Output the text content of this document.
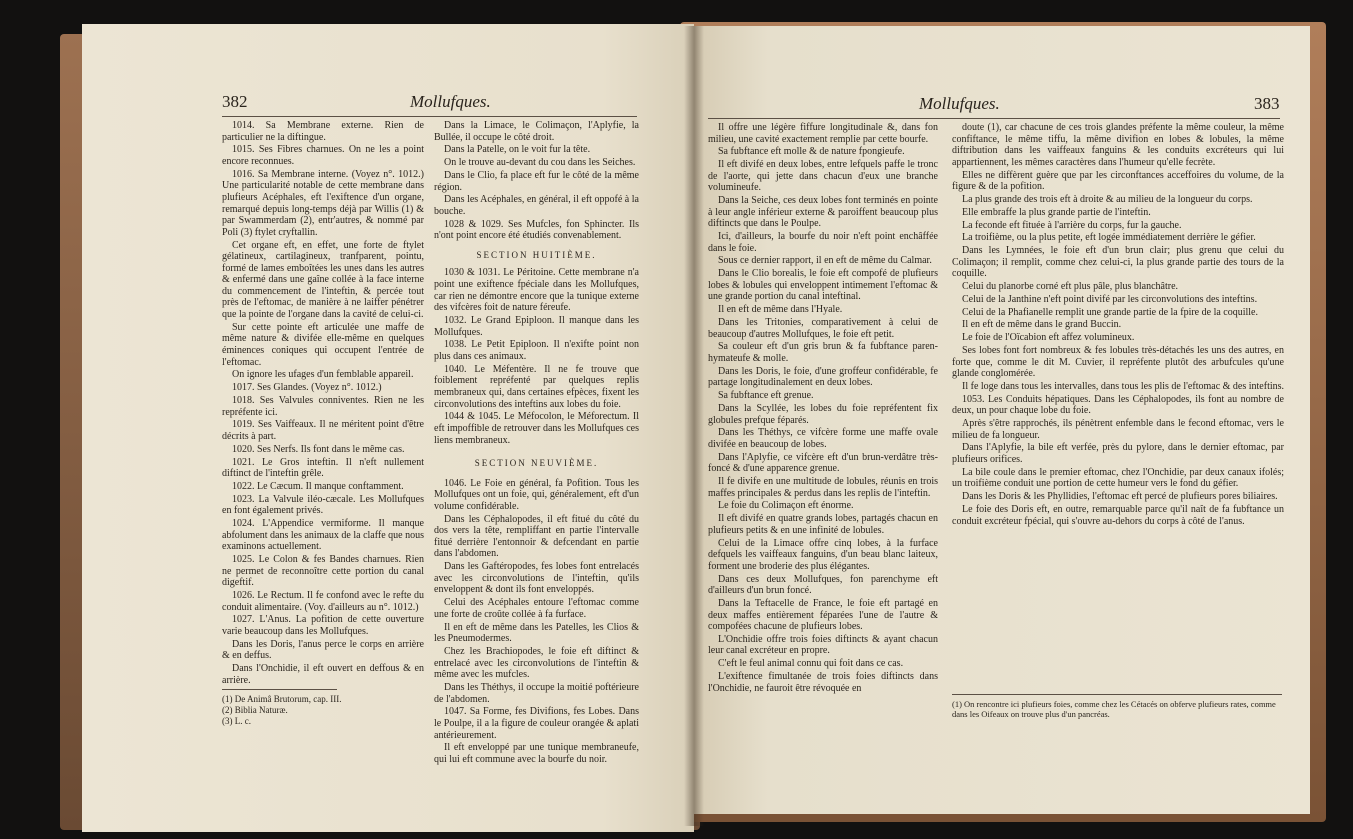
382	Mollufques.

1014. Sa Membrane externe. Rien de particulier ne la diftingue.

1015. Ses Fibres charnues. On ne les a point encore reconnues.

1016. Sa Membrane interne. (Voyez n°. 1012.) Une particularité notable de cette membrane dans plufieurs Acéphales, eft l'exiftence d'un organe, remarqué depuis long-temps déjà par Willis (1) & par Swammerdam (2), entr'autres, & nommé par Poli (3) ftylet cryftallin.

Cet organe eft, en effet, une forte de ftylet gélatineux, cartilagineux, tranfparent, pointu, formé de lames emboîtées les unes dans les autres & enfermé dans une gaîne collée à la face interne du commencement de l'inteftin, & percée tout près de l'eftomac, de manière à ne laiffer pénétrer que la pointe de l'organe dans la cavité de celui-ci.

Sur cette pointe eft articulée une maffe de même nature & divifée elle-même en quelques éminences coniques qui occupent l'entrée de l'eftomac.

On ignore les ufages d'un femblable appareil.

1017. Ses Glandes. (Voyez n°. 1012.)

1018. Ses Valvules conniventes. Rien ne les repréfente ici.

1019. Ses Vaiffeaux. Il ne méritent point d'être décrits à part.

1020. Ses Nerfs. Ils font dans le même cas.

1021. Le Gros inteftin. Il n'eft nullement diftinct de l'inteftin grêle.

1022. Le Cæcum. Il manque conftamment.

1023. La Valvule iléo-cæcale. Les Mollufques en font également privés.

1024. L'Appendice vermiforme. Il manque abfolument dans les animaux de la claffe que nous examinons actuellement.

1025. Le Colon & fes Bandes charnues. Rien ne permet de reconnoître cette portion du canal digeftif.

1026. Le Rectum. Il fe confond avec le refte du conduit alimentaire. (Voy. d'ailleurs au n°. 1012.)

1027. L'Anus. La pofition de cette ouverture varie beaucoup dans les Mollufques.

Dans les Doris, l'anus perce le corps en arrière & en deffus.

Dans l'Onchidie, il eft ouvert en deffous & en arrière.

Dans la Limace, le Colimaçon, l'Aplyfie, la Bullée, il occupe le côté droit.

Dans la Patelle, on le voit fur la tête.

On le trouve au-devant du cou dans les Seiches.

Dans le Clio, fa place eft fur le côté de la même région.

Dans les Acéphales, en général, il eft oppofé à la bouche.

1028 & 1029. Ses Mufcles, fon Sphincter. Ils n'ont point encore été étudiés convenablement.

SECTION HUITIÈME.

1030 & 1031. Le Péritoine. Cette membrane n'a point une exiftence fpéciale dans les Mollufques, car rien ne démontre encore que la tunique externe des vifcères foit de nature féreufe.

1032. Le Grand Epiploon. Il manque dans les Mollufques.

1038. Le Petit Epiploon. Il n'exifte point non plus dans ces animaux.

1040. Le Méfentère. Il ne fe trouve que foiblement repréfenté par quelques replis membraneux qui, dans certaines efpèces, fixent les circonvolutions des inteftins aux lobes du foie.

1044 & 1045. Le Méfocolon, le Méforectum. Il eft impoffible de retrouver dans les Mollufques ces liens membraneux.

SECTION NEUVIÈME.

1046. Le Foie en général, fa Pofition. Tous les Mollufques ont un foie, qui, généralement, eft d'un volume confidérable.

Dans les Céphalopodes, il eft fitué du côté du dos vers la tête, rempliffant en partie l'intervalle fitué derrière l'entonnoir & defcendant en partie dans l'abdomen.

Dans les Gaftéropodes, fes lobes font entrelacés avec les circonvolutions de l'inteftin, qu'ils enveloppent & dont ils font enveloppés.

Celui des Acéphales entoure l'eftomac comme une forte de croûte collée à fa furface.

Il en eft de même dans les Patelles, les Clios & les Pneumodermes.

Chez les Brachiopodes, le foie eft diftinct & entrelacé avec les circonvolutions de l'inteftin & même avec les mufcles.

Dans les Théthys, il occupe la moitié poftérieure de l'abdomen.

1047. Sa Forme, fes Divifions, fes Lobes. Dans le Poulpe, il a la figure de couleur orangée & aplati antérieurement.

Il eft enveloppé par une tunique membraneufe, qui lui eft commune avec la bourfe du noir.

(1) De Animâ Brutorum, cap. III.

(2) Biblia Naturæ.

(3) L. c.

Mollufques.	383

Il offre une légère fiffure longitudinale &, dans fon milieu, une cavité exactement remplie par cette bourfe.

Sa fubftance eft molle & de nature fpongieufe.

Il eft divifé en deux lobes, entre lefquels paffe le tronc de l'aorte, qui jette dans chacun d'eux une branche volumineufe.

Dans la Seiche, ces deux lobes font terminés en pointe à leur angle inférieur externe & paroiffent beaucoup plus diftincts que dans le Poulpe.

Ici, d'ailleurs, la bourfe du noir n'eft point enchâffée dans le foie.

Sous ce dernier rapport, il en eft de même du Calmar.

Dans le Clio borealis, le foie eft compofé de plufieurs lobes & lobules qui enveloppent intimement l'eftomac & une grande portion du canal inteftinal.

Il en eft de même dans l'Hyale.

Dans les Tritonies, comparativement à celui de beaucoup d'autres Mollufques, le foie eft petit.

Sa couleur eft d'un gris brun & fa fubftance paren-hymateufe & molle.

Dans les Doris, le foie, d'une groffeur confidérable, fe partage longitudinalement en deux lobes.

Sa fubftance eft grenue.

Dans la Scyllée, les lobes du foie repréfentent fix globules prefque féparés.

Dans les Théthys, ce vifcère forme une maffe ovale divifée en beaucoup de lobes.

Dans l'Aplyfie, ce vifcère eft d'un brun-verdâtre très-foncé & d'une apparence grenue.

Il fe divife en une multitude de lobules, réunis en trois maffes principales & perdus dans les replis de l'inteftin.

Le foie du Colimaçon eft énorme.

Il eft divifé en quatre grands lobes, partagés chacun en plufieurs petits & en une infinité de lobules.

Celui de la Limace offre cinq lobes, à la furface defquels les vaiffeaux fanguins, d'un beau blanc laiteux, forment une broderie des plus élégantes.

Dans ces deux Mollufques, fon parenchyme eft d'ailleurs d'un brun foncé.

Dans la Teftacelle de France, le foie eft partagé en deux maffes entièrement féparées l'une de l'autre & compofées chacune de plufieurs lobes.

L'Onchidie offre trois foies diftincts & ayant chacun leur canal excréteur en propre.

C'eft le feul animal connu qui foit dans ce cas.

L'exiftence fimultanée de trois foies diftincts dans l'Onchidie, ne fauroit être révoquée en

doute (1), car chacune de ces trois glandes préfente la même couleur, la même confiftance, le même tiffu, la même divifion en lobes & lobules, la même diftribution dans les vaiffeaux fanguins & les conduits excréteurs qui lui appartiennent, les mêmes caractères dans l'humeur qu'elle fecrète.

Elles ne diffèrent guère que par les circonftances acceffoires du volume, de la figure & de la pofition.

La plus grande des trois eft à droite & au milieu de la longueur du corps.

Elle embraffe la plus grande partie de l'inteftin.

La feconde eft fituée à l'arrière du corps, fur la gauche.

La troifième, ou la plus petite, eft logée immédiatement derrière le géfier.

Dans les Lymnées, le foie eft d'un brun clair; plus grenu que celui du Colimaçon; il remplit, comme chez celui-ci, la plus grande partie des tours de la coquille.

Celui du planorbe corné eft plus pâle, plus blanchâtre.

Celui de la Janthine n'eft point divifé par les circonvolutions des inteftins.

Celui de la Phafianelle remplit une grande partie de la fpire de la coquille.

Il en eft de même dans le grand Buccin.

Le foie de l'Oïcabion eft affez volumineux.

Ses lobes font fort nombreux & fes lobules très-détachés les uns des autres, en forte que, comme le dit M. Cuvier, il repréfente plutôt des arbufcules qu'une glande conglomérée.

Il fe loge dans tous les intervalles, dans tous les plis de l'eftomac & des inteftins.

1053. Les Conduits hépatiques. Dans les Céphalopodes, ils font au nombre de deux, un pour chaque lobe du foie.

Après s'être rapprochés, ils pénètrent enfemble dans le fecond eftomac, vers le milieu de fa longueur.

Dans l'Aplyfie, la bile eft verfée, près du pylore, dans le dernier eftomac, par plufieurs orifices.

La bile coule dans le premier eftomac, chez l'Onchidie, par deux canaux ifolés; un troifième conduit une portion de cette humeur vers le fond du géfier.

Dans les Doris & les Phyllidies, l'eftomac eft percé de plufieurs pores biliaires.

Le foie des Doris eft, en outre, remarquable parce qu'il naît de fa fubftance un conduit excréteur fpécial, qui s'ouvre au-dehors du corps à côté de l'anus.

(1) On rencontre ici plufieurs foies, comme chez les Cétacés on obferve plufieurs rates, comme dans les Oifeaux on trouve plus d'un pancréas.
